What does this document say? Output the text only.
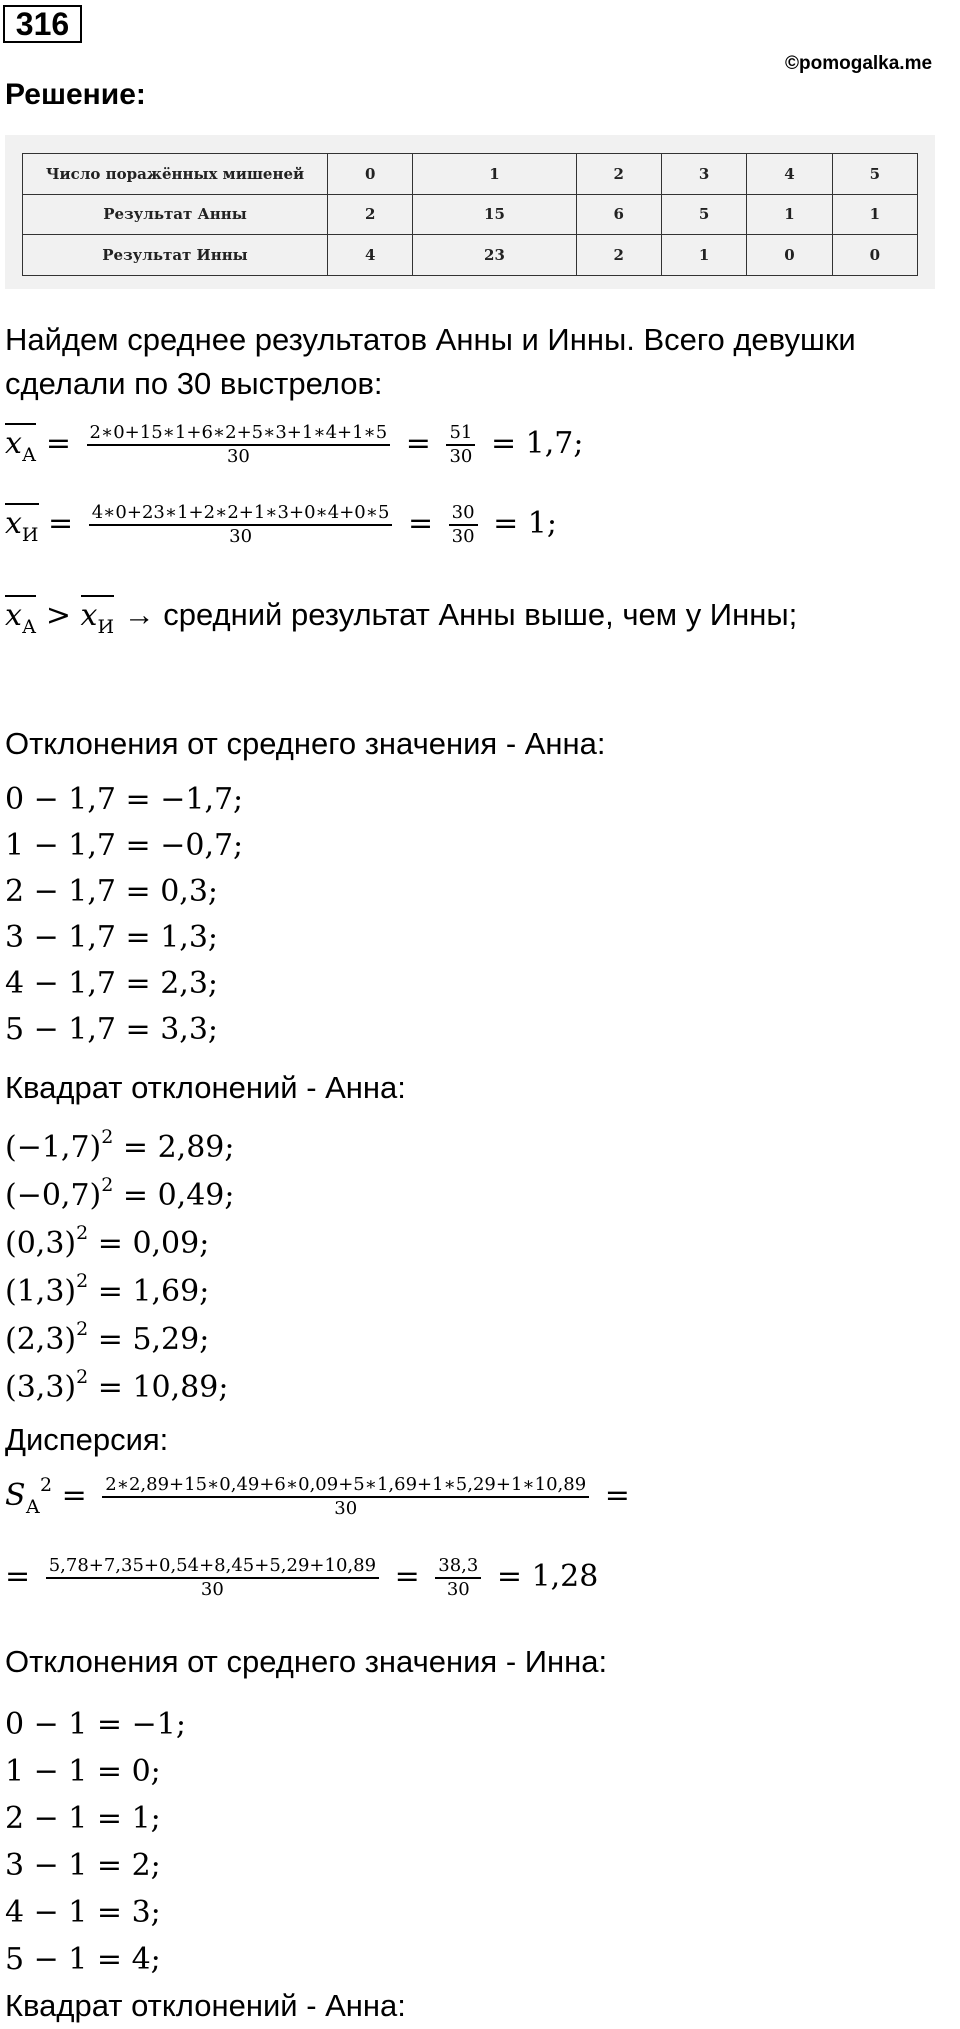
316
©pomogalka.me
Решение:
Число поражённых мишеней	0	1	2	3	4	5
Результат Анны	2	15	6	5	1	1
Результат Инны	4	23	2	1	0	0
Найдем среднее результатов Анны и Инны. Всего девушки
сделали по 30 выстрелов:
$x_А = \frac{2∗0+15∗1+6∗2+5∗3+1∗4+1∗5}{30} = \frac{51}{30} = 1,7$;
$x_И = \frac{4∗0+23∗1+2∗2+1∗3+0∗4+0∗5}{30} = \frac{30}{30} = 1$;
$x_А > x_И$ → средний результат Анны выше, чем у Инны;
Отклонения от среднего значения - Анна:
0 − 1,7 = −1,7;
1 − 1,7 = −0,7;
2 − 1,7 = 0,3;
3 − 1,7 = 1,3;
4 − 1,7 = 2,3;
5 − 1,7 = 3,3;
Квадрат отклонений - Анна:
$(-1,7)^2 = 2,89$;
$(-0,7)^2 = 0,49$;
$(0,3)^2 = 0,09$;
$(1,3)^2 = 1,69$;
$(2,3)^2 = 5,29$;
$(3,3)^2 = 10,89$;
Дисперсия:
$S_А^2 = \frac{2∗2,89+15∗0,49+6∗0,09+5∗1,69+1∗5,29+1∗10,89}{30}$ =
= $\frac{5,78+7,35+0,54+8,45+5,29+10,89}{30} = \frac{38,3}{30} = 1,28$
Отклонения от среднего значения - Инна:
0 − 1 = −1;
1 − 1 = 0;
2 − 1 = 1;
3 − 1 = 2;
4 − 1 = 3;
5 − 1 = 4;
Квадрат отклонений - Анна:
